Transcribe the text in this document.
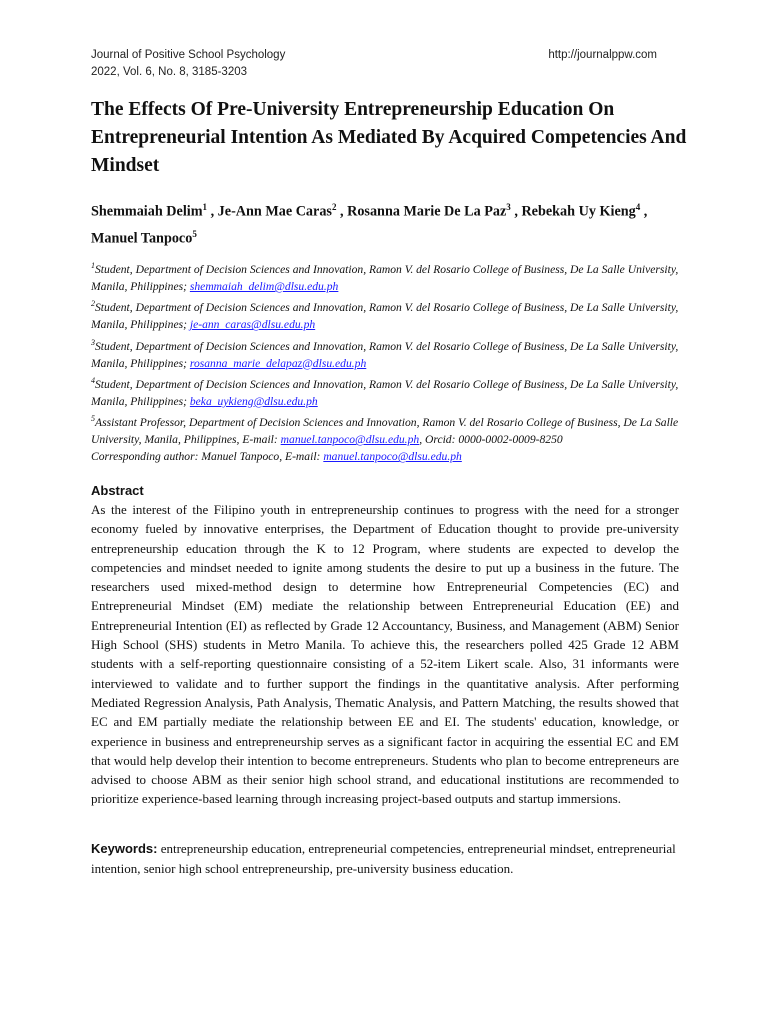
Journal of Positive School Psychology
2022, Vol. 6, No. 8, 3185-3203
http://journalppw.com
The Effects Of Pre-University Entrepreneurship Education On Entrepreneurial Intention As Mediated By Acquired Competencies And Mindset
Shemmaiah Delim$^1$ , Je-Ann Mae Caras$^2$ , Rosanna Marie De La Paz$^3$ , Rebekah Uy Kieng$^4$ ,
Manuel Tanpoco$^5$
$^1$Student, Department of Decision Sciences and Innovation, Ramon V. del Rosario College of Business, De La Salle University, Manila, Philippines; shemmaiah_delim@dlsu.edu.ph
$^2$Student, Department of Decision Sciences and Innovation, Ramon V. del Rosario College of Business, De La Salle University, Manila, Philippines; je-ann_caras@dlsu.edu.ph
$^3$Student, Department of Decision Sciences and Innovation, Ramon V. del Rosario College of Business, De La Salle University, Manila, Philippines; rosanna_marie_delapaz@dlsu.edu.ph
$^4$Student, Department of Decision Sciences and Innovation, Ramon V. del Rosario College of Business, De La Salle University, Manila, Philippines; beka_uykieng@dlsu.edu.ph
$^5$Assistant Professor, Department of Decision Sciences and Innovation, Ramon V. del Rosario College of Business, De La Salle University, Manila, Philippines, E-mail: manuel.tanpoco@dlsu.edu.ph, Orcid: 0000-0002-0009-8250
Corresponding author: Manuel Tanpoco, E-mail: manuel.tanpoco@dlsu.edu.ph
Abstract
As the interest of the Filipino youth in entrepreneurship continues to progress with the need for a stronger economy fueled by innovative enterprises, the Department of Education thought to provide pre-university entrepreneurship education through the K to 12 Program, where students are expected to develop the competencies and mindset needed to ignite among students the desire to put up a business in the future. The researchers used mixed-method design to determine how Entrepreneurial Competencies (EC) and Entrepreneurial Mindset (EM) mediate the relationship between Entrepreneurial Education (EE) and Entrepreneurial Intention (EI) as reflected by Grade 12 Accountancy, Business, and Management (ABM) Senior High School (SHS) students in Metro Manila. To achieve this, the researchers polled 425 Grade 12 ABM students with a self-reporting questionnaire consisting of a 52-item Likert scale. Also, 31 informants were interviewed to validate and to further support the findings in the quantitative analysis. After performing Mediated Regression Analysis, Path Analysis, Thematic Analysis, and Pattern Matching, the results showed that EC and EM partially mediate the relationship between EE and EI. The students' education, knowledge, or experience in business and entrepreneurship serves as a significant factor in acquiring the essential EC and EM that would help develop their intention to become entrepreneurs. Students who plan to become entrepreneurs are advised to choose ABM as their senior high school strand, and educational institutions are recommended to prioritize experience-based learning through increasing project-based outputs and startup immersions.
Keywords: entrepreneurship education, entrepreneurial competencies, entrepreneurial mindset, entrepreneurial intention, senior high school entrepreneurship, pre-university business education.
